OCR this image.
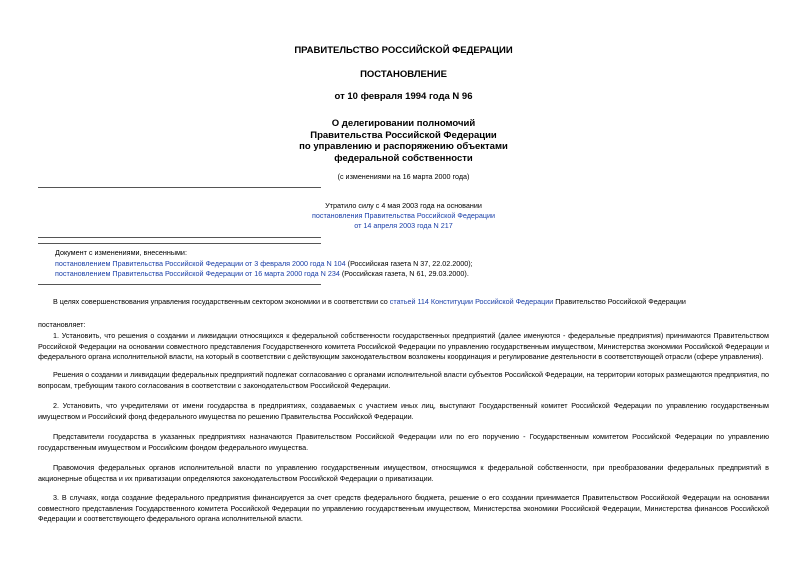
ПРАВИТЕЛЬСТВО РОССИЙСКОЙ ФЕДЕРАЦИИ
ПОСТАНОВЛЕНИЕ
от 10 февраля 1994 года N 96
О делегировании полномочий
Правительства Российской Федерации
по управлению и распоряжению объектами
федеральной собственности
(с изменениями на 16 марта 2000 года)
Утратило силу с 4 мая 2003 года на основании
постановления Правительства Российской Федерации
от 14 апреля 2003 года N 217
Документ с изменениями, внесенными:
постановлением Правительства Российской Федерации от 3 февраля 2000 года N 104 (Российская газета N 37, 22.02.2000);
постановлением Правительства Российской Федерации от 16 марта 2000 года N 234 (Российская газета, N 61, 29.03.2000).
В целях совершенствования управления государственным сектором экономики и в соответствии со статьей 114 Конституции Российской Федерации Правительство Российской Федерации
постановляет:
1. Установить, что решения о создании и ликвидации относящихся к федеральной собственности государственных предприятий (далее именуются - федеральные предприятия) принимаются Правительством Российской Федерации на основании совместного представления Государственного комитета Российской Федерации по управлению государственным имуществом, Министерства экономики Российской Федерации и федерального органа исполнительной власти, на который в соответствии с действующим законодательством возложены координация и регулирование деятельности в соответствующей отрасли (сфере управления).
Решения о создании и ликвидации федеральных предприятий подлежат согласованию с органами исполнительной власти субъектов Российской Федерации, на территории которых размещаются предприятия, по вопросам, требующим такого согласования в соответствии с законодательством Российской Федерации.
2. Установить, что учредителями от имени государства в предприятиях, создаваемых с участием иных лиц, выступают Государственный комитет Российской Федерации по управлению государственным имуществом и Российский фонд федерального имущества по решению Правительства Российской Федерации.
Представители государства в указанных предприятиях назначаются Правительством Российской Федерации или по его поручению - Государственным комитетом Российской Федерации по управлению государственным имуществом и Российским фондом федерального имущества.
Правомочия федеральных органов исполнительной власти по управлению государственным имуществом, относящимся к федеральной собственности, при преобразовании федеральных предприятий в акционерные общества и их приватизации определяются законодательством Российской Федерации о приватизации.
3. В случаях, когда создание федерального предприятия финансируется за счет средств федерального бюджета, решение о его создании принимается Правительством Российской Федерации на основании совместного представления Государственного комитета Российской Федерации по управлению государственным имуществом, Министерства экономики Российской Федерации, Министерства финансов Российской Федерации и соответствующего федерального органа исполнительной власти.
